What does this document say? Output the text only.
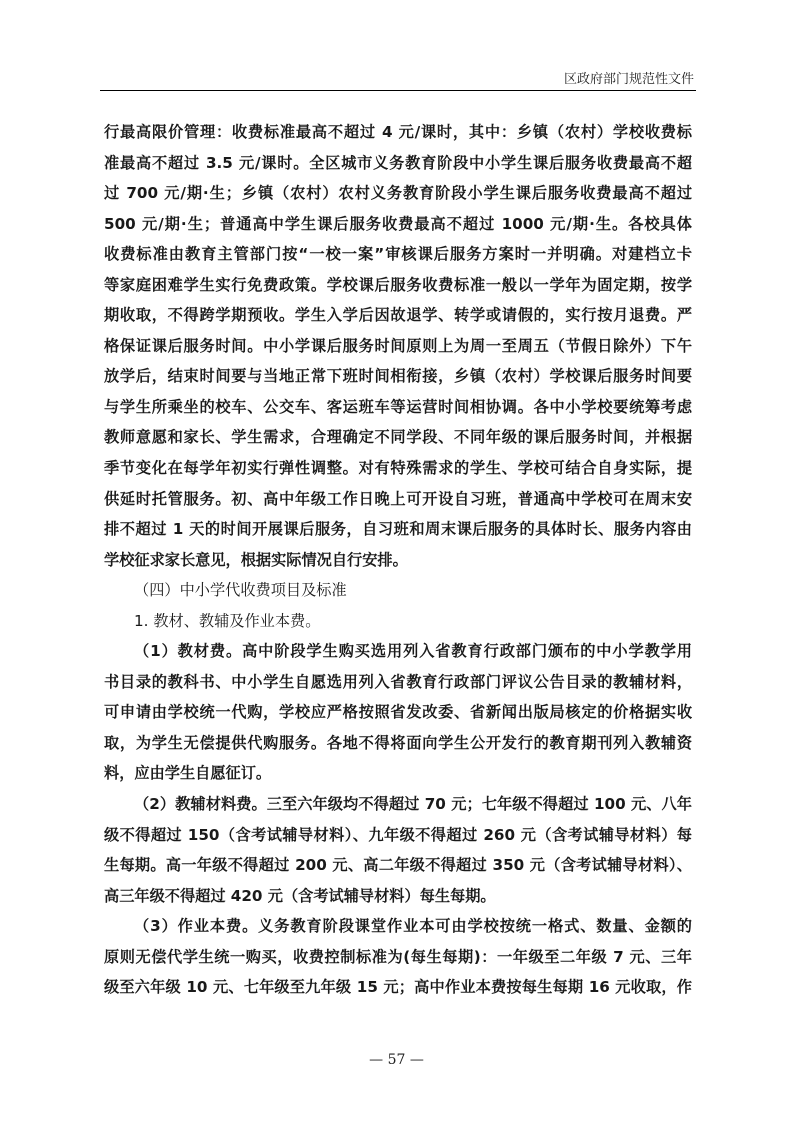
区政府部门规范性文件
行最高限价管理：收费标准最高不超过 4 元/课时，其中：乡镇（农村）学校收费标
准最高不超过 3.5 元/课时。全区城市义务教育阶段中小学生课后服务收费最高不超
过 700 元/期·生；乡镇（农村）农村义务教育阶段小学生课后服务收费最高不超过
500 元/期·生；普通高中学生课后服务收费最高不超过 1000 元/期·生。各校具体
收费标准由教育主管部门按“一校一案”审核课后服务方案时一并明确。对建档立卡
等家庭困难学生实行免费政策。学校课后服务收费标准一般以一学年为固定期，按学
期收取，不得跨学期预收。学生入学后因故退学、转学或请假的，实行按月退费。严
格保证课后服务时间。中小学课后服务时间原则上为周一至周五（节假日除外）下午
放学后，结束时间要与当地正常下班时间相衔接，乡镇（农村）学校课后服务时间要
与学生所乘坐的校车、公交车、客运班车等运营时间相协调。各中小学校要统筹考虑
教师意愿和家长、学生需求，合理确定不同学段、不同年级的课后服务时间，并根据
季节变化在每学年初实行弹性调整。对有特殊需求的学生、学校可结合自身实际，提
供延时托管服务。初、高中年级工作日晚上可开设自习班，普通高中学校可在周末安
排不超过 1 天的时间开展课后服务，自习班和周末课后服务的具体时长、服务内容由
学校征求家长意见，根据实际情况自行安排。
（四）中小学代收费项目及标准
1. 教材、教辅及作业本费。
（1）教材费。高中阶段学生购买选用列入省教育行政部门颁布的中小学教学用
书目录的教科书、中小学生自愿选用列入省教育行政部门评议公告目录的教辅材料，
可申请由学校统一代购，学校应严格按照省发改委、省新闻出版局核定的价格据实收
取，为学生无偿提供代购服务。各地不得将面向学生公开发行的教育期刊列入教辅资
料，应由学生自愿征订。
（2）教辅材料费。三至六年级均不得超过 70 元；七年级不得超过 100 元、八年
级不得超过 150（含考试辅导材料）、九年级不得超过 260 元（含考试辅导材料）每
生每期。高一年级不得超过 200 元、高二年级不得超过 350 元（含考试辅导材料）、
高三年级不得超过 420 元（含考试辅导材料）每生每期。
（3）作业本费。义务教育阶段课堂作业本可由学校按统一格式、数量、金额的
原则无偿代学生统一购买，收费控制标准为(每生每期)：一年级至二年级 7 元、三年
级至六年级 10 元、七年级至九年级 15 元；高中作业本费按每生每期 16 元收取，作
— 57 —
